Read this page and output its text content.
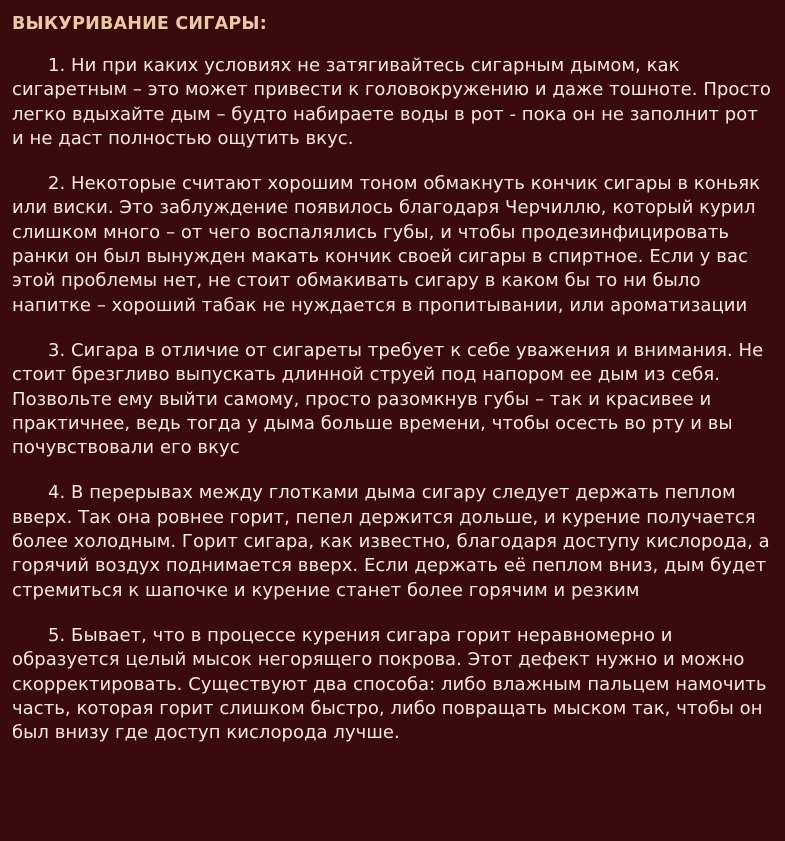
ВЫКУРИВАНИЕ СИГАРЫ:

1. Ни при каких условиях не затягивайтесь сигарным дымом, как сигаретным – это может привести к головокружению и даже тошноте. Просто легко вдыхайте дым – будто набираете воды в рот - пока он не заполнит рот и не даст полностью ощутить вкус.

2. Некоторые считают хорошим тоном обмакнуть кончик сигары в коньяк или виски. Это заблуждение появилось благодаря Черчиллю, который курил слишком много – от чего воспалялись губы, и чтобы продезинфицировать ранки он был вынужден макать кончик своей сигары в спиртное. Если у вас этой проблемы нет, не стоит обмакивать сигару в каком бы то ни было напитке – хороший табак не нуждается в пропитывании, или ароматизации

3. Сигара в отличие от сигареты требует к себе уважения и внимания. Не стоит брезгливо выпускать длинной струей под напором ее дым из себя. Позвольте ему выйти самому, просто разомкнув губы – так и красивее и практичнее, ведь тогда у дыма больше времени, чтобы осесть во рту и вы почувствовали его вкус

4. В перерывах между глотками дыма сигару следует держать пеплом вверх. Так она ровнее горит, пепел держится дольше, и курение получается более холодным. Горит сигара, как известно, благодаря доступу кислорода, а горячий воздух поднимается вверх. Если держать её пеплом вниз, дым будет стремиться к шапочке и курение станет более горячим и резким

5. Бывает, что в процессе курения сигара горит неравномерно и образуется целый мысок негорящего покрова. Этот дефект нужно и можно скорректировать. Существуют два способа: либо влажным пальцем намочить часть, которая горит слишком быстро, либо повращать мыском так, чтобы он был внизу где доступ кислорода лучше.
